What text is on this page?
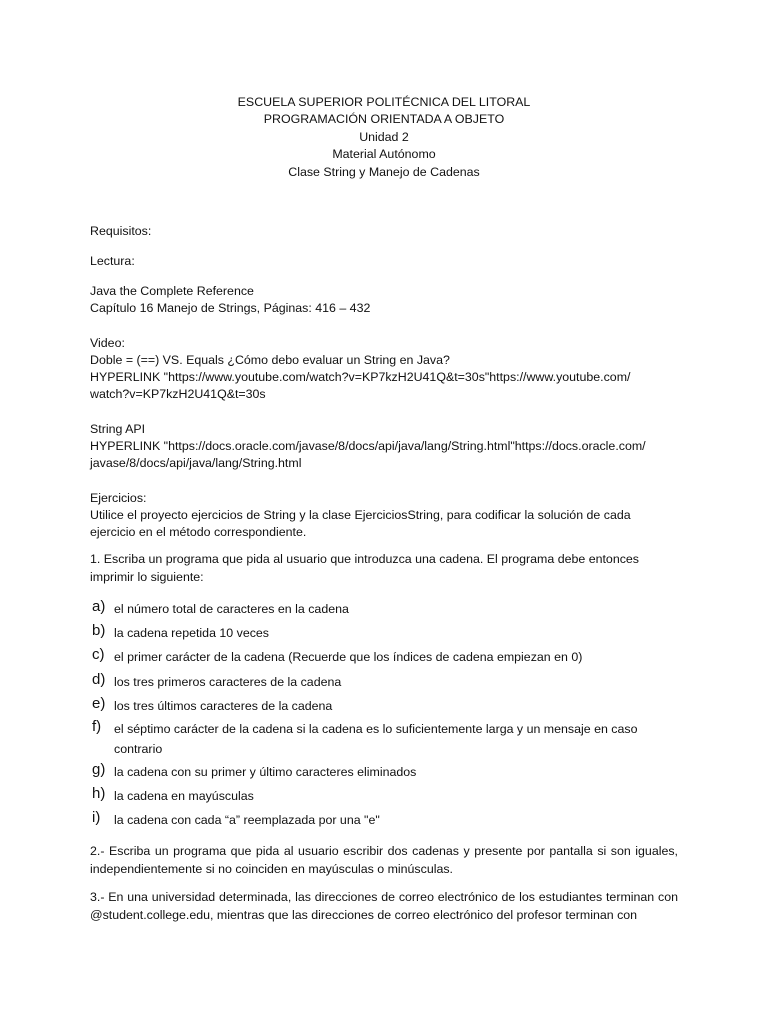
ESCUELA SUPERIOR POLITÉCNICA DEL LITORAL
PROGRAMACIÓN ORIENTADA A OBJETO
Unidad 2
Material Autónomo
Clase String y Manejo de Cadenas
Requisitos:
Lectura:
Java the Complete Reference
Capítulo 16 Manejo de Strings, Páginas: 416 – 432
Video:
Doble = (==) VS. Equals ¿Cómo debo evaluar un String en Java?
HYPERLINK "https://www.youtube.com/watch?v=KP7kzH2U41Q&t=30s"https://www.youtube.com/
watch?v=KP7kzH2U41Q&t=30s
String API
HYPERLINK "https://docs.oracle.com/javase/8/docs/api/java/lang/String.html"https://docs.oracle.com/
javase/8/docs/api/java/lang/String.html
Ejercicios:
Utilice el proyecto ejercicios de String y la clase EjerciciosString, para codificar la solución de cada ejercicio en el método correspondiente.
1. Escriba un programa que pida al usuario que introduzca una cadena. El programa debe entonces imprimir lo siguiente:
a) el número total de caracteres en la cadena
b) la cadena repetida 10 veces
c) el primer carácter de la cadena (Recuerde que los índices de cadena empiezan en 0)
d) los tres primeros caracteres de la cadena
e) los tres últimos caracteres de la cadena
f)	el séptimo carácter de la cadena si la cadena es lo suficientemente larga y un mensaje en caso contrario
g) la cadena con su primer y último caracteres eliminados
h) la cadena en mayúsculas
i)	la cadena con cada “a” reemplazada por una "e"
2.- Escriba un programa que pida al usuario escribir dos cadenas y presente por pantalla si son iguales, independientemente si no coinciden en mayúsculas o minúsculas.
3.- En una universidad determinada, las direcciones de correo electrónico de los estudiantes terminan con @student.college.edu, mientras que las direcciones de correo electrónico del profesor terminan con
